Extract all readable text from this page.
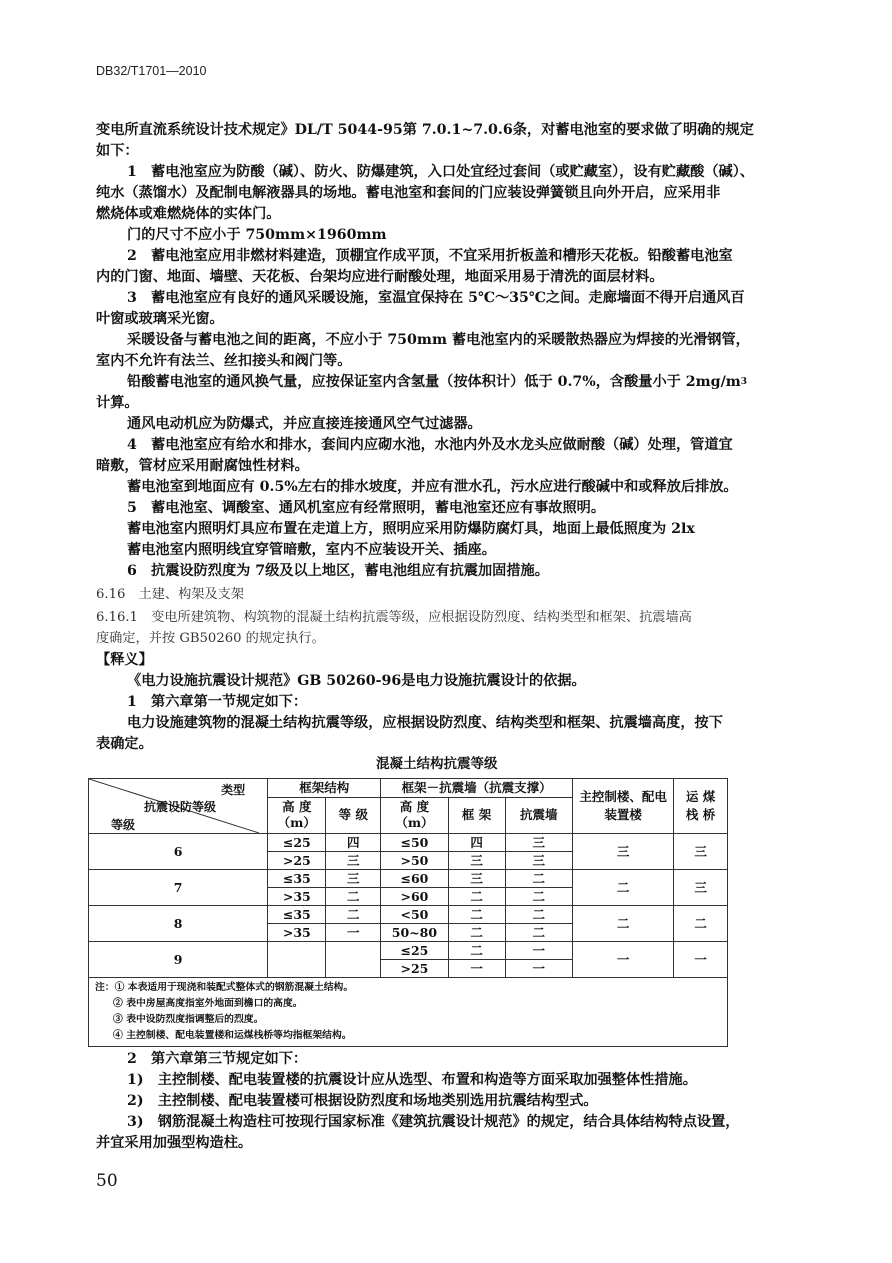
DB32/T1701—2010
变电所直流系统设计技术规定》DL/T 5044-95第 7.0.1~7.0.6条，对蓄电池室的要求做了明确的规定
如下：
1　蓄电池室应为防酸（碱）、防火、防爆建筑，入口处宜经过套间（或贮藏室），设有贮藏酸（碱）、
纯水（蒸馏水）及配制电解液器具的场地。蓄电池室和套间的门应装设弹簧锁且向外开启，应采用非
燃烧体或难燃烧体的实体门。
门的尺寸不应小于 750mm×1960mm
2　蓄电池室应用非燃材料建造，顶棚宜作成平顶，不宜采用折板盖和槽形天花板。铅酸蓄电池室
内的门窗、地面、墙壁、天花板、台架均应进行耐酸处理，地面采用易于清洗的面层材料。
3　蓄电池室应有良好的通风采暖设施，室温宜保持在 5℃～35℃之间。走廊墙面不得开启通风百
叶窗或玻璃采光窗。
采暖设备与蓄电池之间的距离，不应小于 750mm 蓄电池室内的采暖散热器应为焊接的光滑钢管，
室内不允许有法兰、丝扣接头和阀门等。
铅酸蓄电池室的通风换气量，应按保证室内含氢量（按体积计）低于 0.7%，含酸量小于 $2mg/m^3$
计算。
通风电动机应为防爆式，并应直接连接通风空气过滤器。
4　蓄电池室应有给水和排水，套间内应砌水池，水池内外及水龙头应做耐酸（碱）处理，管道宜
暗敷，管材应采用耐腐蚀性材料。
蓄电池室到地面应有 0.5%左右的排水坡度，并应有泄水孔，污水应进行酸碱中和或释放后排放。
5　蓄电池室、调酸室、通风机室应有经常照明，蓄电池室还应有事故照明。
蓄电池室内照明灯具应布置在走道上方，照明应采用防爆防腐灯具，地面上最低照度为 2lx
蓄电池室内照明线宜穿管暗敷，室内不应装设开关、插座。
6　抗震设防烈度为 7级及以上地区，蓄电池组应有抗震加固措施。
6.16　土建、构架及支架
6.16.1　变电所建筑物、构筑物的混凝土结构抗震等级，应根据设防烈度、结构类型和框架、抗震墙高
度确定，并按 GB50260 的规定执行。
【释义】
《电力设施抗震设计规范》GB 50260-96是电力设施抗震设计的依据。
1　第六章第一节规定如下：
电力设施建筑物的混凝土结构抗震等级，应根据设防烈度、结构类型和框架、抗震墙高度，按下
表确定。
混凝土结构抗震等级
类型
抗震设防等级
等级	框架结构		框架－抗震墙（抗震支撑）			主控制楼、配电装置楼	运 煤 栈 桥
	高 度（m）	等 级	高 度（m）	框 架	抗震墙		
6	≤25	四	≤50	四	三	三	三
	>25	三	>50	三	三		
7	≤35	三	≤60	三	二	二	三
	>35	二	>60	二	二		
8	≤35	二	<50	二	二	二	二
	>35	一	50~80	二	二		
9			≤25	二	一	一	一
			>25	一	一		

注：① 本表适用于现浇和装配式整体式的钢筋混凝土结构。
② 表中房屋高度指室外地面到檐口的高度。
③ 表中设防烈度指调整后的烈度。
④ 主控制楼、配电装置楼和运煤栈桥等均指框架结构。							
2　第六章第三节规定如下：
1)　主控制楼、配电装置楼的抗震设计应从选型、布置和构造等方面采取加强整体性措施。
2)　主控制楼、配电装置楼可根据设防烈度和场地类别选用抗震结构型式。
3)　钢筋混凝土构造柱可按现行国家标准《建筑抗震设计规范》的规定，结合具体结构特点设置，
并宜采用加强型构造柱。
50
